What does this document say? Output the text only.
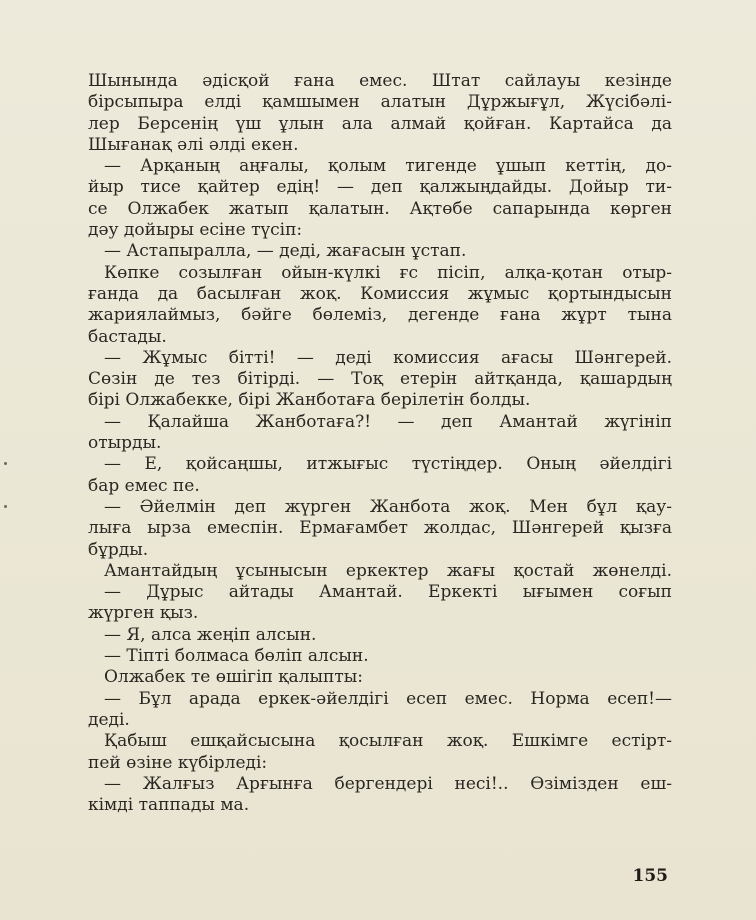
Шынында әдісқой ғана емес. Штат сайлауы кезінде
бірсыпыра елді қамшымен алатын Дұржығұл, Жүсібәлі-
лер Берсенің үш ұлын ала алмай қойған. Картайса да
Шығанақ әлі әлді екен.
— Арқаның аңғалы, қолым тигенде ұшып кеттің, до-
йыр тисе қайтер едің! — деп қалжыңдайды. Дойыр ти-
се Олжабек жатып қалатын. Ақтөбе сапарында көрген
дәу дойыры есіне түсіп:
— Астапыралла, — деді, жағасын ұстап.
Көпке созылған ойын-күлкі ғс пісіп, алқа-қотан отыр-
ғанда да басылған жоқ. Комиссия жұмыс қортындысын
жариялаймыз, бәйге бөлеміз, дегенде ғана жұрт тына
бастады.
— Жұмыс бітті! — деді комиссия ағасы Шәнгерей.
Сөзін де тез бітірді. — Тоқ етерін айтқанда, қашардың
бірі Олжабекке, бірі Жанботаға берілетін болды.
— Қалайша Жанботаға?! — деп Амантай жүгініп
отырды.
— Е, қойсаңшы, итжығыс түстіңдер. Оның әйелдігі
бар емес пе.
— Әйелмін деп жүрген Жанбота жоқ. Мен бұл қау-
лыға ырза емеспін. Ермағамбет жолдас, Шәнгерей қызға
бұрды.
Амантайдың ұсынысын еркектер жағы қостай жөнелді.
— Дұрыс айтады Амантай. Еркекті ығымен соғып
жүрген қыз.
— Я, алса жеңіп алсын.
— Тіпті болмаса бөліп алсын.
Олжабек те өшігіп қалыпты:
— Бұл арада еркек-әйелдігі есеп емес. Норма есеп!—
деді.
Қабыш ешқайсысына қосылған жоқ. Ешкімге естірт-
пей өзіне күбірледі:
— Жалғыз Арғынға бергендері несі!.. Өзімізден еш-
кімді таппады ма.
155
